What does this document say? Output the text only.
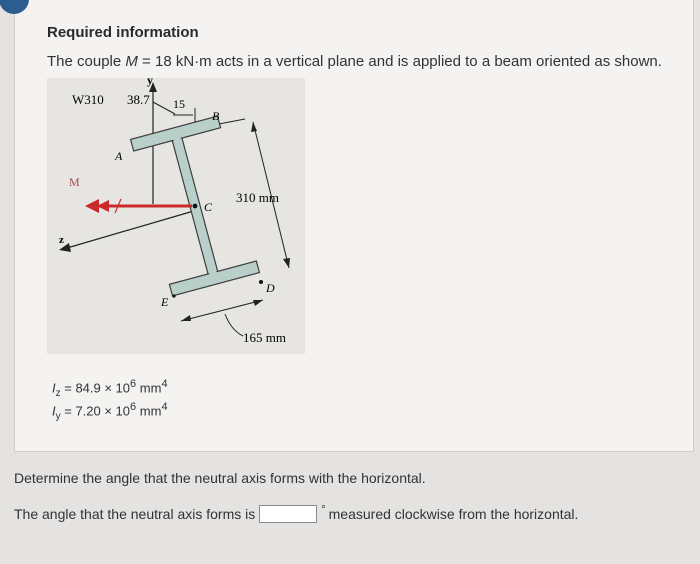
Required information
The couple M = 18 kN·m acts in a vertical plane and is applied to a beam oriented as shown.
y
z
C
M
W310 38.7 15
B
A
E
D
310 mm
165 mm
$I_z = 84.9 \times 10^6$ $mm^4$
$I_y = 7.20 \times 10^6$ $mm^4$
Determine the angle that the neutral axis forms with the horizontal.
The angle that the neutral axis forms is	° measured clockwise from the horizontal.
